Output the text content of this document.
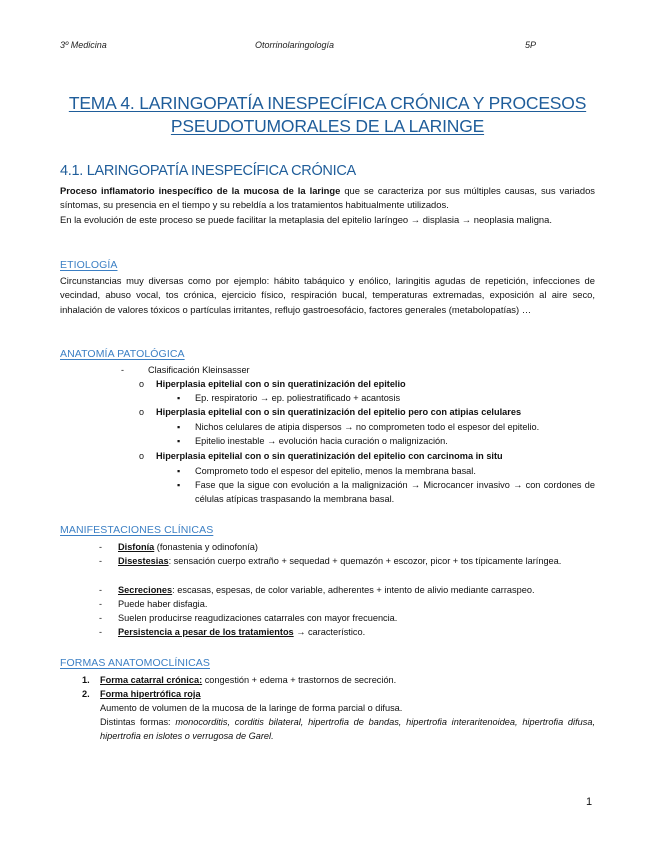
3º Medicina	Otorrinolaringología	5P
TEMA 4. LARINGOPATÍA INESPECÍFICA CRÓNICA Y PROCESOS
PSEUDOTUMORALES DE LA LARINGE
4.1. LARINGOPATÍA INESPECÍFICA CRÓNICA
Proceso inflamatorio inespecífico de la mucosa de la laringe que se caracteriza por sus múltiples causas, sus variados síntomas, su presencia en el tiempo y su rebeldía a los tratamientos habitualmente utilizados.
En la evolución de este proceso se puede facilitar la metaplasia del epitelio laríngeo → displasia → neoplasia maligna.
ETIOLOGÍA
Circunstancias muy diversas como por ejemplo: hábito tabáquico y enólico, laringitis agudas de repetición, infecciones de vecindad, abuso vocal, tos crónica, ejercicio físico, respiración bucal, temperaturas extremadas, exposición al aire seco, inhalación de valores tóxicos o partículas irritantes, reflujo gastroesofácio, factores generales (metabolopatías) …
ANATOMÍA PATOLÓGICA
-	Clasificación Kleinsasser
o Hiperplasia epitelial con o sin queratinización del epitelio
▪ Ep. respiratorio → ep. poliestratificado + acantosis
o Hiperplasia epitelial con o sin queratinización del epitelio pero con atipias celulares
▪ Nichos celulares de atipia dispersos → no comprometen todo el espesor del epitelio.
▪ Epitelio inestable → evolución hacia curación o malignización.
o Hiperplasia epitelial con o sin queratinización del epitelio con carcinoma in situ
▪ Comprometo todo el espesor del epitelio, menos la membrana basal.
▪ Fase que la sigue con evolución a la malignización → Microcancer invasivo → con cordones de células atípicas traspasando la membrana basal.
MANIFESTACIONES CLÍNICAS
- Disfonía (fonastenia y odinofonía)
- Disestesias: sensación cuerpo extraño + sequedad + quemazón + escozor, picor + tos típicamente laríngea.
- Secreciones: escasas, espesas, de color variable, adherentes + intento de alivio mediante carraspeo.
- Puede haber disfagia.
- Suelen producirse reagudizaciones catarrales con mayor frecuencia.
- Persistencia a pesar de los tratamientos → característico.
FORMAS ANATOMOCLÍNICAS
1. Forma catarral crónica: congestión + edema + trastornos de secreción.
2. Forma hipertrófica roja
Aumento de volumen de la mucosa de la laringe de forma parcial o difusa.
Distintas formas: monocorditis, corditis bilateral, hipertrofia de bandas, hipertrofia interaritenoidea, hipertrofia difusa, hipertrofia en islotes o verrugosa de Garel.
1
